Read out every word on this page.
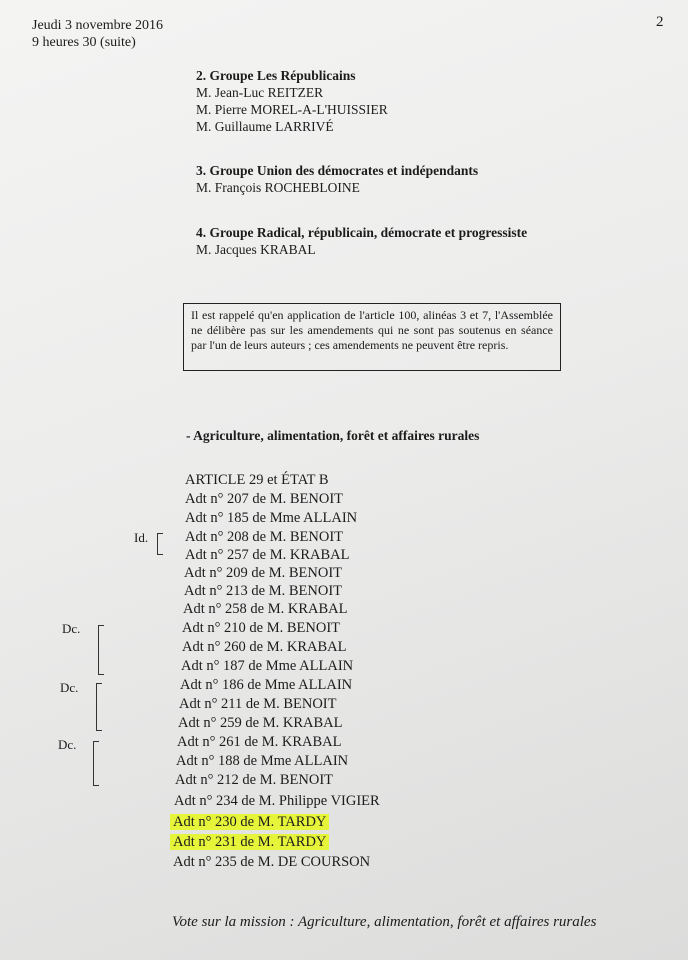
Jeudi 3 novembre 2016
9 heures 30 (suite)
2
2. Groupe Les Républicains
M. Jean-Luc REITZER
M. Pierre MOREL-A-L'HUISSIER
M. Guillaume LARRIVÉ
3. Groupe Union des démocrates et indépendants
M. François ROCHEBLOINE
4. Groupe Radical, républicain, démocrate et progressiste
M. Jacques KRABAL
Il est rappelé qu'en application de l'article 100, alinéas 3 et 7, l'Assemblée ne délibère pas sur les amendements qui ne sont pas soutenus en séance par l'un de leurs auteurs ; ces amendements ne peuvent être repris.
- Agriculture, alimentation, forêt et affaires rurales
ARTICLE 29 et ÉTAT B
Adt n° 207 de M. BENOIT
Adt n° 185 de Mme ALLAIN
Adt n° 208 de M. BENOIT
Adt n° 257 de M. KRABAL
Adt n° 209 de M. BENOIT
Adt n° 213 de M. BENOIT
Adt n° 258 de M. KRABAL
Adt n° 210 de M. BENOIT
Adt n° 260 de M. KRABAL
Adt n° 187 de Mme ALLAIN
Adt n° 186 de Mme ALLAIN
Adt n° 211 de M. BENOIT
Adt n° 259 de M. KRABAL
Adt n° 261 de M. KRABAL
Adt n° 188 de Mme ALLAIN
Adt n° 212 de M. BENOIT
Adt n° 234 de M. Philippe VIGIER
Adt n° 230 de M. TARDY
Adt n° 231 de M. TARDY
Adt n° 235 de M. DE COURSON
Id.
Dc.
Dc.
Dc.
Vote sur la mission : Agriculture, alimentation, forêt et affaires rurales
